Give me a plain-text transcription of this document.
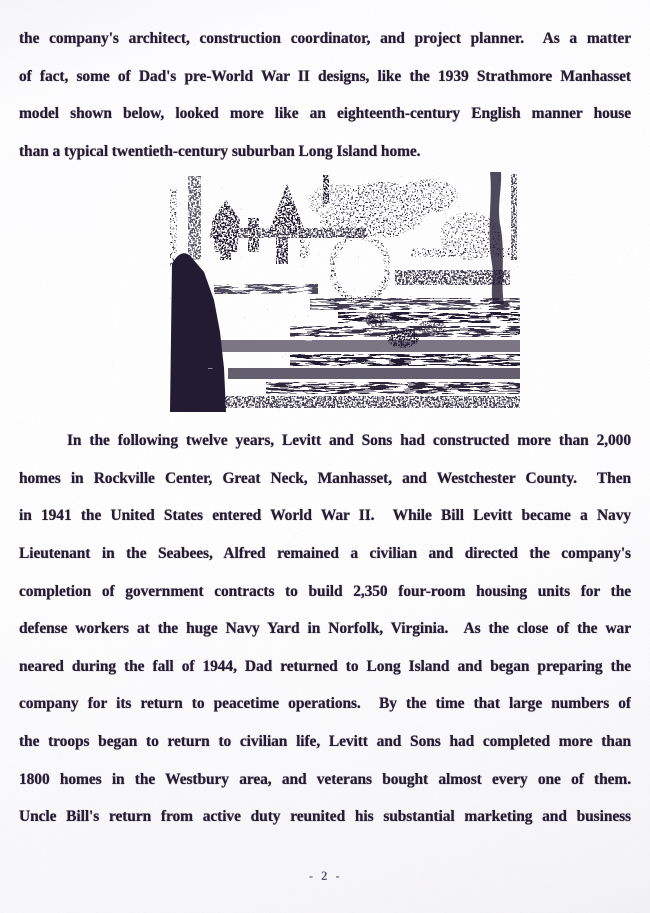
the company's architect, construction coordinator, and project planner.  As a matter
of fact, some of Dad's pre-World War II designs, like the 1939 Strathmore Manhasset
model shown below, looked more like an eighteenth-century English manner house
than a typical twentieth-century suburban Long Island home.
In the following twelve years, Levitt and Sons had constructed more than 2,000
homes in Rockville Center, Great Neck, Manhasset, and Westchester County.  Then
in 1941 the United States entered World War II.  While Bill Levitt became a Navy
Lieutenant in the Seabees, Alfred remained a civilian and directed the company's
completion of government contracts to build 2,350 four-room housing units for the
defense workers at the huge Navy Yard in Norfolk, Virginia.  As the close of the war
neared during the fall of 1944, Dad returned to Long Island and began preparing the
company for its return to peacetime operations.  By the time that large numbers of
the troops began to return to civilian life, Levitt and Sons had completed more than
1800 homes in the Westbury area, and veterans bought almost every one of them.
Uncle Bill's return from active duty reunited his substantial marketing and business
- 2 -
